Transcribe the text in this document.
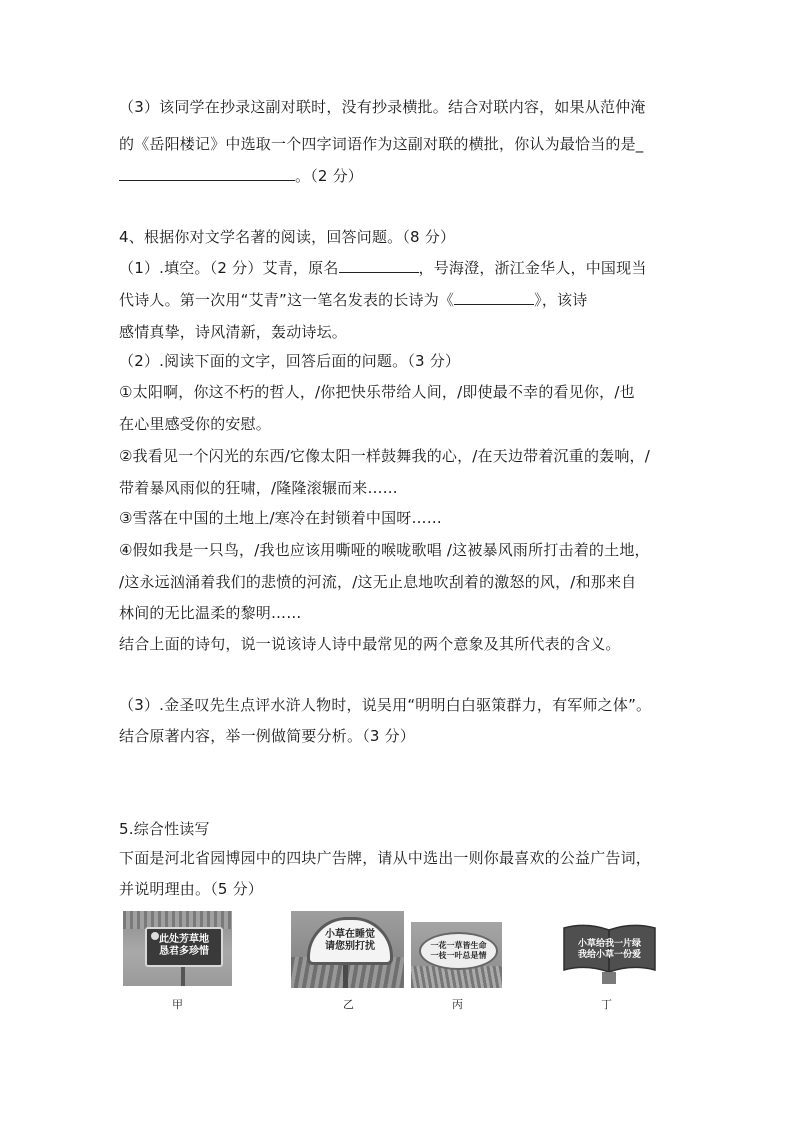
（3）该同学在抄录这副对联时，没有抄录横批。结合对联内容，如果从范仲淹
的《岳阳楼记》中选取一个四字词语作为这副对联的横批，你认为最恰当的是_
。（2 分）
4、根据你对文学名著的阅读，回答问题。（8 分）
（1）.填空。（2 分）艾青，原名	，号海澄，浙江金华人，中国现当
代诗人。第一次用“艾青”这一笔名发表的长诗为《	》，该诗
感情真挚，诗风清新，轰动诗坛。
（2）.阅读下面的文字，回答后面的问题。（3 分）
①太阳啊，你这不朽的哲人，/你把快乐带给人间，/即使最不幸的看见你，/也
在心里感受你的安慰。
②我看见一个闪光的东西/它像太阳一样鼓舞我的心，/在天边带着沉重的轰响，/
带着暴风雨似的狂啸，/隆隆滚辗而来……
③雪落在中国的土地上/寒冷在封锁着中国呀……
④假如我是一只鸟，/我也应该用嘶哑的喉咙歌唱 /这被暴风雨所打击着的土地，
/这永远汹涌着我们的悲愤的河流，/这无止息地吹刮着的激怒的风，/和那来自
林间的无比温柔的黎明……
结合上面的诗句，说一说该诗人诗中最常见的两个意象及其所代表的含义。
（3）.金圣叹先生点评水浒人物时，说吴用“明明白白驱策群力，有军师之体”。
结合原著内容，举一例做简要分析。（3 分）
5.综合性读写
下面是河北省园博园中的四块广告牌，请从中选出一则你最喜欢的公益广告词，
并说明理由。（5 分）
此处芳草地
恳君多珍惜
甲
小草在睡觉
请您别打扰
乙
一花一草皆生命
一枝一叶总是情
丙
小草给我一片绿
我给小草一份爱
丁
